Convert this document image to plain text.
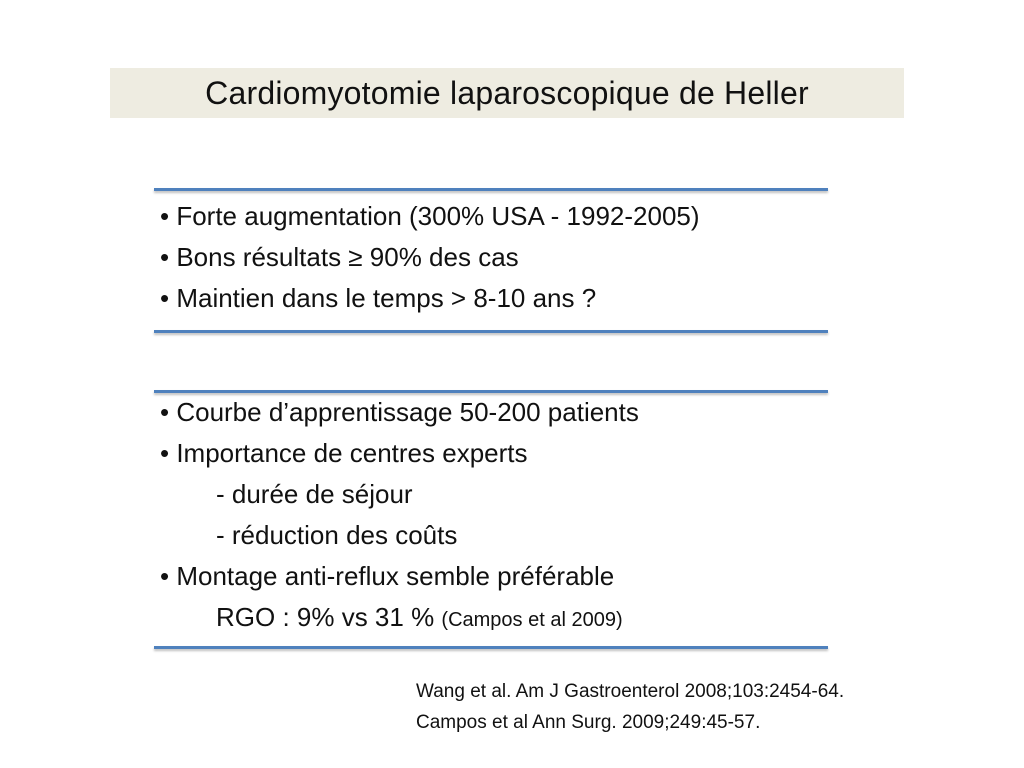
Cardiomyotomie laparoscopique de Heller
• Forte augmentation (300% USA - 1992-2005)
• Bons résultats ≥ 90% des cas
• Maintien dans le temps > 8-10 ans ?
• Courbe d’apprentissage 50-200 patients
• Importance de centres experts
- durée de séjour
- réduction des coûts
• Montage anti-reflux semble préférable
RGO : 9% vs 31 % (Campos et al 2009)
Wang et al. Am J Gastroenterol 2008;103:2454-64.
Campos et al Ann Surg. 2009;249:45-57.
